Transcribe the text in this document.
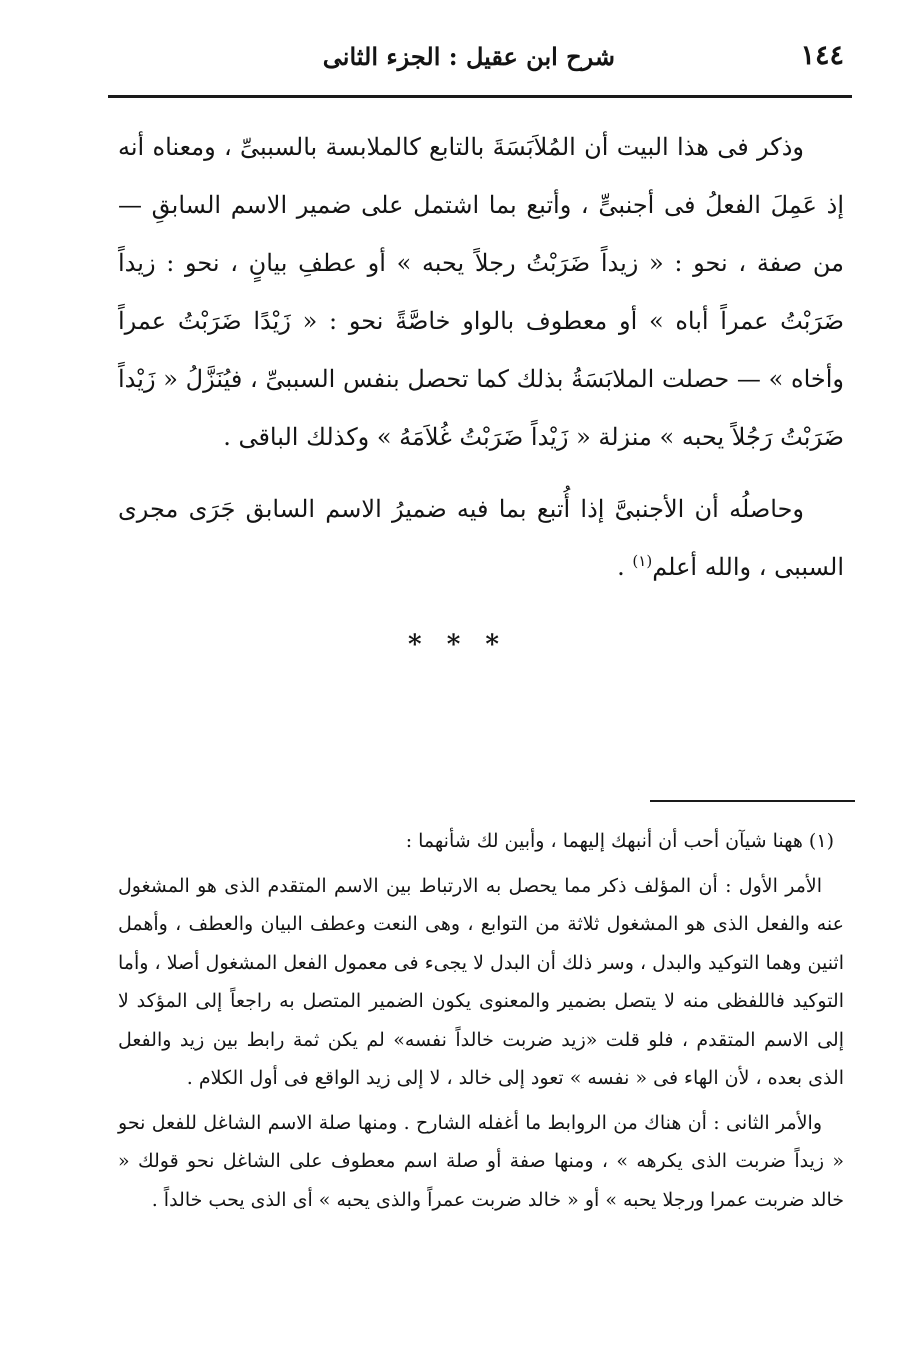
١٤٤
شرح ابن عقيل : الجزء الثانى

وذكر فى هذا البيت أن المُلاَبَسَةَ بالتابع كالملابسة بالسببىِّ ، ومعناه أنه إذ عَمِلَ الفعلُ فى أجنبىٍّ ، وأتبع بما اشتمل على ضمير الاسم السابقِ — من صفة ، نحو : « زيداً ضَرَبْتُ رجلاً يحبه » أو عطفِ بيانٍ ، نحو : زيداً ضَرَبْتُ عمراً أباه » أو معطوف بالواو خاصَّةً نحو : « زَيْدًا ضَرَبْتُ عمراً وأخاه » — حصلت الملابَسَةُ بذلك كما تحصل بنفس السببىِّ ، فيُنَزَّلُ « زَيْداً ضَرَبْتُ رَجُلاً يحبه » منزلة « زَيْداً ضَرَبْتُ غُلاَمَهُ » وكذلك الباقى .

وحاصلُه أن الأجنبىَّ إذا أُتبع بما فيه ضميرُ الاسم السابق جَرَى مجرى السببى ، والله أعلم$^{(١)}$ .

* * *

(١) ههنا شيآن أحب أن أنبهك إليهما ، وأبين لك شأنهما :

الأمر الأول : أن المؤلف ذكر مما يحصل به الارتباط بين الاسم المتقدم الذى هو المشغول عنه والفعل الذى هو المشغول ثلاثة من التوابع ، وهى النعت وعطف البيان والعطف ، وأهمل اثنين وهما التوكيد والبدل ، وسر ذلك أن البدل لا يجىء فى معمول الفعل المشغول أصلا ، وأما التوكيد فاللفظى منه لا يتصل بضمير والمعنوى يكون الضمير المتصل به راجعاً إلى المؤكد لا إلى الاسم المتقدم ، فلو قلت «زيد ضربت خالداً نفسه» لم يكن ثمة رابط بين زيد والفعل الذى بعده ، لأن الهاء فى « نفسه » تعود إلى خالد ، لا إلى زيد الواقع فى أول الكلام .

والأمر الثانى : أن هناك من الروابط ما أغفله الشارح . ومنها صلة الاسم الشاغل للفعل نحو « زيداً ضربت الذى يكرهه » ، ومنها صفة أو صلة اسم معطوف على الشاغل نحو قولك « خالد ضربت عمرا ورجلا يحبه » أو « خالد ضربت عمراً والذى يحبه » أى الذى يحب خالداً .
